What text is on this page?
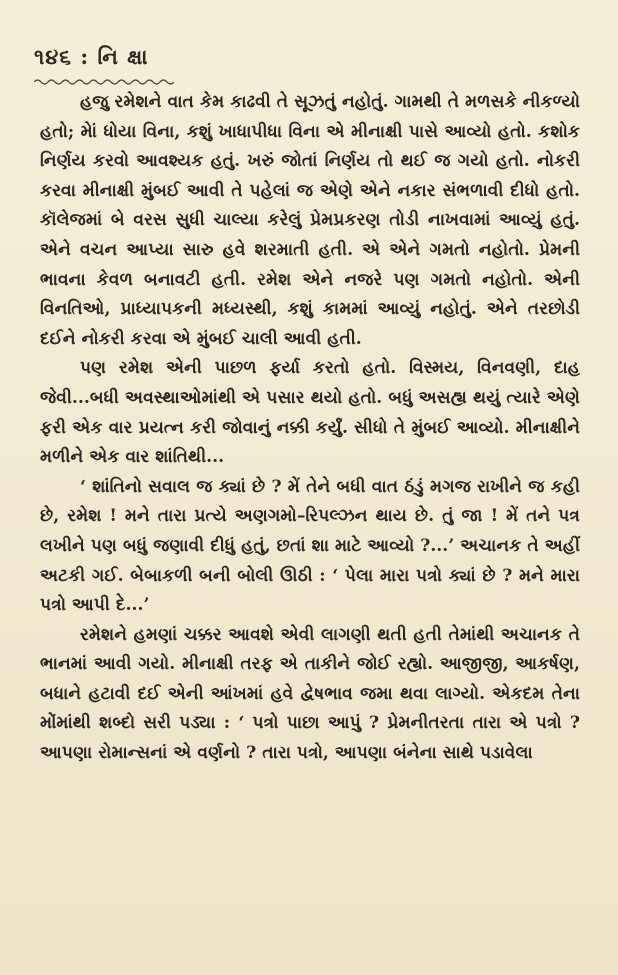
૧૪૬ : નિ ક્ષા

હજુ રમેશને વાત કેમ કાઢવી તે સૂઝતું નહોતું. ગામથી તે મળસકે નીકળ્યો હતો; મેાં ધોયા વિના, કશું ખાધાપીધા વિના એ મીનાક્ષી પાસે આવ્યો હતો. કશોક નિર્ણય કરવો આવશ્યક હતું. ખરું જોતાં નિર્ણય તો થઈ જ ગયો હતો. નોકરી કરવા મીનાક્ષી મુંબઈ આવી તે પહેલાં જ એણે એને નકાર સંભળાવી દીધો હતો. કૉલેજમાં બે વરસ સુધી ચાલ્યા કરેલું પ્રેમપ્રકરણ તોડી નાખવામાં આવ્યું હતું. એને વચન આપ્યા સારુ હવે શરમાતી હતી. એ એને ગમતો નહોતો. પ્રેમની ભાવના કેવળ બનાવટી હતી. રમેશ એને નજરે પણ ગમતો નહોતો. એની વિનતિઓ, પ્રાધ્યાપકની મધ્યસ્થી, કશું કામમાં આવ્યું નહોતું. એને તરછોડી દઈને નોકરી કરવા એ મુંબઈ ચાલી આવી હતી.

પણ રમેશ એની પાછળ ફર્યા કરતો હતો. વિસ્મય, વિનવણી, દાહ જેવી...બધી અવસ્થાઓમાંથી એ પસાર થયો હતો. બધું અસહ્ય થયું ત્યારે એણે ફરી એક વાર પ્રયત્ન કરી જોવાનું નક્કી કર્યું. સીધો તે મુંબઈ આવ્યો. મીનાક્ષીને મળીને એક વાર શાંતિથી...

‘ શાંતિનો સવાલ જ ક્યાં છે ? મેં તેને બધી વાત ઠંડું મગજ રાખીને જ કહી છે, રમેશ ! મને તારા પ્રત્યે અણગમો–રિપલ્ઝન થાય છે. તું જા ! મેં તને પત્ર લખીને પણ બધું જણાવી દીધું હતું, છતાં શા માટે આવ્યો ?...’ અચાનક તે અહીં અટકી ગઈ. બેબાકળી બની બોલી ઊઠી : ‘ પેલા મારા પત્રો ક્યાં છે ? મને મારા પત્રો આપી દે...’

રમેશને હમણાં ચક્કર આવશે એવી લાગણી થતી હતી તેમાંથી અચાનક તે ભાનમાં આવી ગયો. મીનાક્ષી તરફ એ તાકીને જોઈ રહ્યો. આજીજી, આકર્ષણ, બધાને હટાવી દઈ એની આંખમાં હવે દ્વેષભાવ જમા થવા લાગ્યો. એકદમ તેના મોંમાંથી શબ્દો સરી પડ્યા : ‘ પત્રો પાછા આપું ? પ્રેમનીતરતા તારા એ પત્રો ? આપણા રોમાન્સનાં એ વર્ણનો ? તારા પત્રો, આપણા બંનેના સાથે પડાવેલા
